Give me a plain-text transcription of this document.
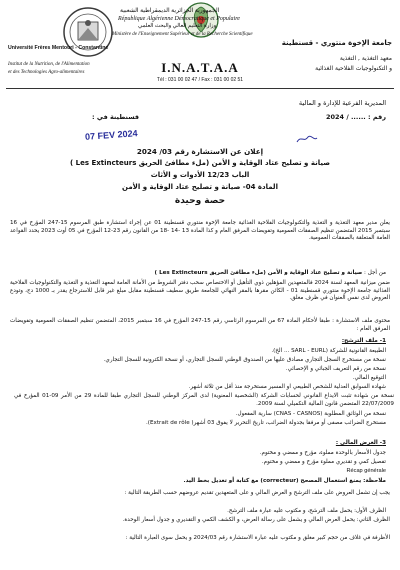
الجمهورية الجزائرية الديمقراطية الشعبية
République Algérienne Démocratique et Populaire
وزارة التعليم العالي والبحث العلمي
Ministère de l'Enseignement Supérieur et de la Recherche Scientifique
Université Frères Mentouri - Constantine
Institut de la Nutrition, de l'Alimentation
et des Technologies Agro-alimentaires
جامعة الإخوة منتوري - قسنطينة
معهد التغذية , التغذية
و التكنولوجيات الفلاحية الغذائية
I.N.A.T.A.A
Tél : 031 00 02 47 / Fax : 031 00 02 51
المديرية الفرعية للإدارة و المالية
رقم : ...... / 2024
قسنطينة في :
07 FEV 2024
إعلان عن الاستشارة رقم 03/ 2024
صيانة و تصليح عتاد الوقاية و الأمن (ملء مطافئ الحريق Les Extincteurs )
الباب 12/23 الأدوات و الأثاث
المادة 04- صيانة و تصليح عتاد الوقاية و الأمن
حصة وحيدة
يعلن مدير معهد التغذية و التغذية والتكنولوجيات الفلاحية الغذائية جامعة الإخوة منتوري قسنطينة 01 عن إجراء استشارة طبق المرسوم 15-247 المؤرخ في 16 سبتمبر 2015 المتضمن تنظيم الصفقات العمومية وتفويضات المرفق العام و كذا المادة 13 -14 -18 من القانون رقم 23-12 المؤرخ في 05 أوت 2023 يحدد القواعد العامة المتعلقة بالصفقات العمومية.
من أجل : صيانة و تصليح عتاد الوقاية و الأمن (ملء مطافئ الحريق Les Extincteurs )
ضمن ميزانية المعهد لسنة 2024 فالمتعهدين المؤهلين ذوي التأهيل أو الاختصاص سحب دفتر الشروط من الأمانة العامة لمعهد التغذية و التغذية والتكنولوجيات الفلاحية الغذائية جامعة الإخوة منتوري قسنطينة 01 - الكائن مقرها بالمقر النهائي للجامعة طريق سطيف قسنطينة مقابل مبلغ غير قابل للاسترجاع يقدر بـ 1000 دج، وتودع العروض لدى نفس العنوان في ظرف مغلق.
محتوى ملف الاستشارة : طبقا لأحكام المادة 67 من المرسوم الرئاسي رقم 15-247 المؤرخ في 16 سبتمبر 2015، المتضمن تنظيم الصفقات العمومية وتفويضات المرفق العام :
1- ملف الترشح:
الطبيعة القانونية للشركة (SARL - EURL ... الخ).
نسخة من مستخرج السجل التجاري مصادق عليها من الصندوق الوطني للسجل التجاري، أو نسخة الكترونية للسجل التجاري.
نسخة من رقم التعريف الجبائي و الإحصائي.
التوقيع المالي.
شهادة السوابق العدلية للشخص الطبيعي او المسير مستخرجة منذ أقل من ثلاثة أشهر.
نسخة من شهادة تثبت الايداع القانوني لحسابات الشركة (الشخصية المعنوية) لدى المركز الوطني للسجل التجاري طبقا للمادة 29 من الأمر 09-01 المؤرخ في 22/07/2009 المتضمن قانون المالية التكميلي لسنة 2009.
نسخة من الوثائق المطلوبة (CNAS - CASNOS) سارية المفعول.
مستخرج الضرائب مصفى أو مرفقا بجدولة الضرائب، تاريخ التحرير لا يفوق 03 أشهر( Extrait de rôle).
3- العرض المالي :
جدول الأسعار بالوحدة مملوء، مؤرخ و ممضي و مختوم.
تفصيل كمي و تقديري مملوء مؤرخ و ممضي و مختوم.
Récap générale
ملاحظة: يمنع استعمال المصحح (correcteur) مع كتابة أو تعديل بخط اليد.
يجب إن تشمل العروض على ملف الترشح و العرض المالي و على المتعهدين تقديم عروضهم حسب الطريقة التالية :
الظرف الأول: يحمل ملف الترشح، و مكتوب عليه عبارة ملف الترشح.
الظرف الثاني: يحمل العرض المالي و يشمل على رسالة العرض، و الكشف الكمي و التقديري و جدول أسعار الوحدة.
الأظرفة في غلاف من حجم كبير مغلق و مكتوب عليه عبارة الاستشارة رقم 2024/03 و يحمل سوى العبارة التالية :
